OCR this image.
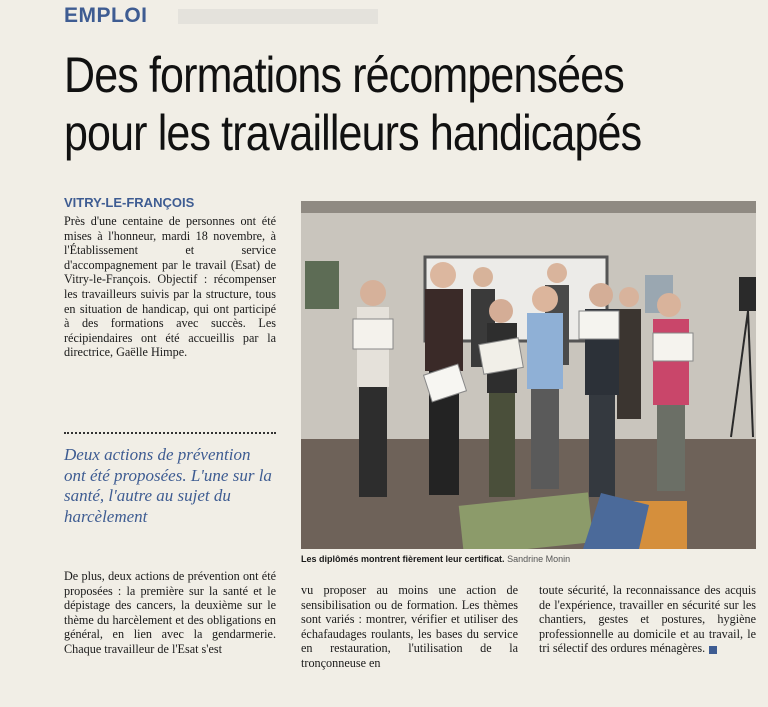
EMPLOI
Des formations récompensées
pour les travailleurs handicapés
VITRY-LE-FRANÇOIS

Près d'une centaine de personnes ont été mises à l'honneur, mardi 18 novembre, à l'Établissement et service d'accompagnement par le travail (Esat) de Vitry-le-François. Objectif : récompenser les travailleurs suivis par la structure, tous en situation de handicap, qui ont participé à des formations avec succès. Les récipiendaires ont été accueillis par la directrice, Gaëlle Himpe.

Deux actions de prévention ont été proposées. L'une sur la santé, l'autre au sujet du harcèlement

Les diplômés montrent fièrement leur certificat. Sandrine Monin

De plus, deux actions de prévention ont été proposées : la première sur la santé et le dépistage des cancers, la deuxième sur le thème du harcèlement et des obligations en général, en lien avec la gendarmerie. Chaque travailleur de l'Esat s'est

vu proposer au moins une action de sensibilisation ou de formation. Les thèmes sont variés : montrer, vérifier et utiliser des échafaudages roulants, les bases du service en restauration, l'utilisation de la tronçonneuse en

toute sécurité, la reconnaissance des acquis de l'expérience, travailler en sécurité sur les chantiers, gestes et postures, hygiène professionnelle au domicile et au travail, le tri sélectif des ordures ménagères.
